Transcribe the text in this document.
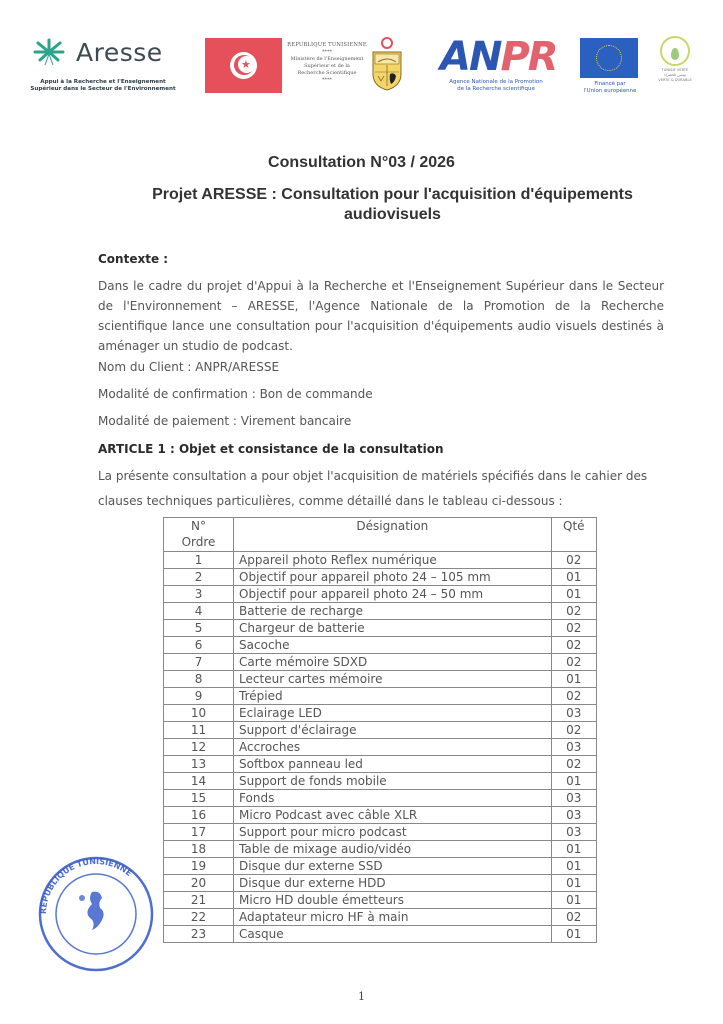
Aresse
Appui à la Recherche et l'Enseignement
Supérieur dans le Secteur de l'Environnement
★
REPUBLIQUE TUNISIENNE
****
Ministère de l'Enseignement
Supérieur et de la
Recherche Scientifique
****	ANPR
Agence Nationale de la Promotion
de la Recherche scientifique
Financé par
l'Union européenne
TUNISIE VERTE
تونس الخضراء
VERTE & DURABLE
Consultation N°03 / 2026
Projet ARESSE : Consultation pour l'acquisition d'équipements
audiovisuels
Contexte :
Dans le cadre du projet d'Appui à la Recherche et l'Enseignement Supérieur dans le Secteur de l'Environnement – ARESSE, l'Agence Nationale de la Promotion de la Recherche scientifique lance une consultation pour l'acquisition d'équipements audio visuels destinés à aménager un studio de podcast.
Nom du Client : ANPR/ARESSE
Modalité de confirmation : Bon de commande
Modalité de paiement : Virement bancaire
ARTICLE 1 : Objet et consistance de la consultation
La présente consultation a pour objet l'acquisition de matériels spécifiés dans le cahier des
clauses techniques particulières, comme détaillé dans le tableau ci-dessous :
N°
Ordre	Désignation	Qté
1	Appareil photo Reflex numérique	02
2	Objectif pour appareil photo 24 – 105 mm	01
3	Objectif pour appareil photo 24 – 50 mm	01
4	Batterie de recharge	02
5	Chargeur de batterie	02
6	Sacoche	02
7	Carte mémoire SDXD	02
8	Lecteur cartes mémoire	01
9	Trépied	02
10	Eclairage LED	03
11	Support d'éclairage	02
12	Accroches	03
13	Softbox panneau led	02
14	Support de fonds mobile	01
15	Fonds	03
16	Micro Podcast avec câble XLR	03
17	Support pour micro podcast	03
18	Table de mixage audio/vidéo	01
19	Disque dur externe SSD	01
20	Disque dur externe HDD	01
21	Micro HD double émetteurs	01
22	Adaptateur micro HF à main	02
23	Casque	01
REPUBLIQUE TUNISIENNE
1
